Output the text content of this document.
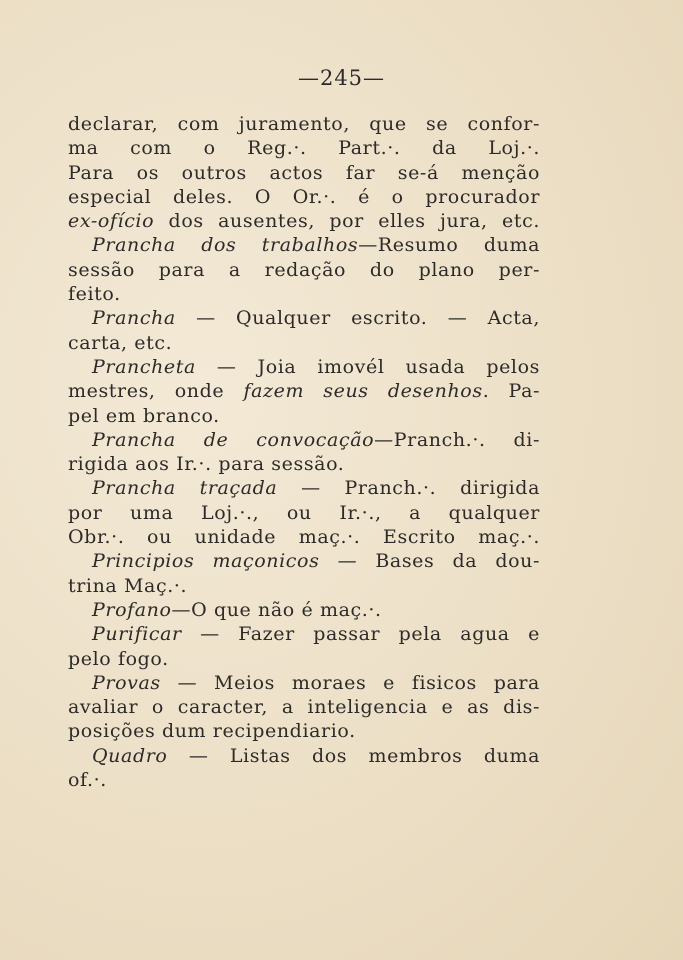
—245—
declarar, com juramento, que se confor-
ma com o Reg.·. Part.·. da Loj.·.
Para os outros actos far se-á menção
especial deles. O Or.·. é o procurador
ex-ofício dos ausentes, por elles jura, etc.
Prancha dos trabalhos—Resumo duma
sessão para a redação do plano per-
feito.
Prancha — Qualquer escrito. — Acta,
carta, etc.
Prancheta — Joia imovél usada pelos
mestres, onde fazem seus desenhos. Pa-
pel em branco.
Prancha de convocação—Pranch.·. di-
rigida aos Ir.·. para sessão.
Prancha traçada — Pranch.·. dirigida
por uma Loj.·., ou Ir.·., a qualquer
Obr.·. ou unidade maç.·. Escrito maç.·.
Principios maçonicos — Bases da dou-
trina Maç.·.
Profano—O que não é maç.·.
Purificar — Fazer passar pela agua e
pelo fogo.
Provas — Meios moraes e fisicos para
avaliar o caracter, a inteligencia e as dis-
posições dum recipendiario.
Quadro — Listas dos membros duma
of.·.
